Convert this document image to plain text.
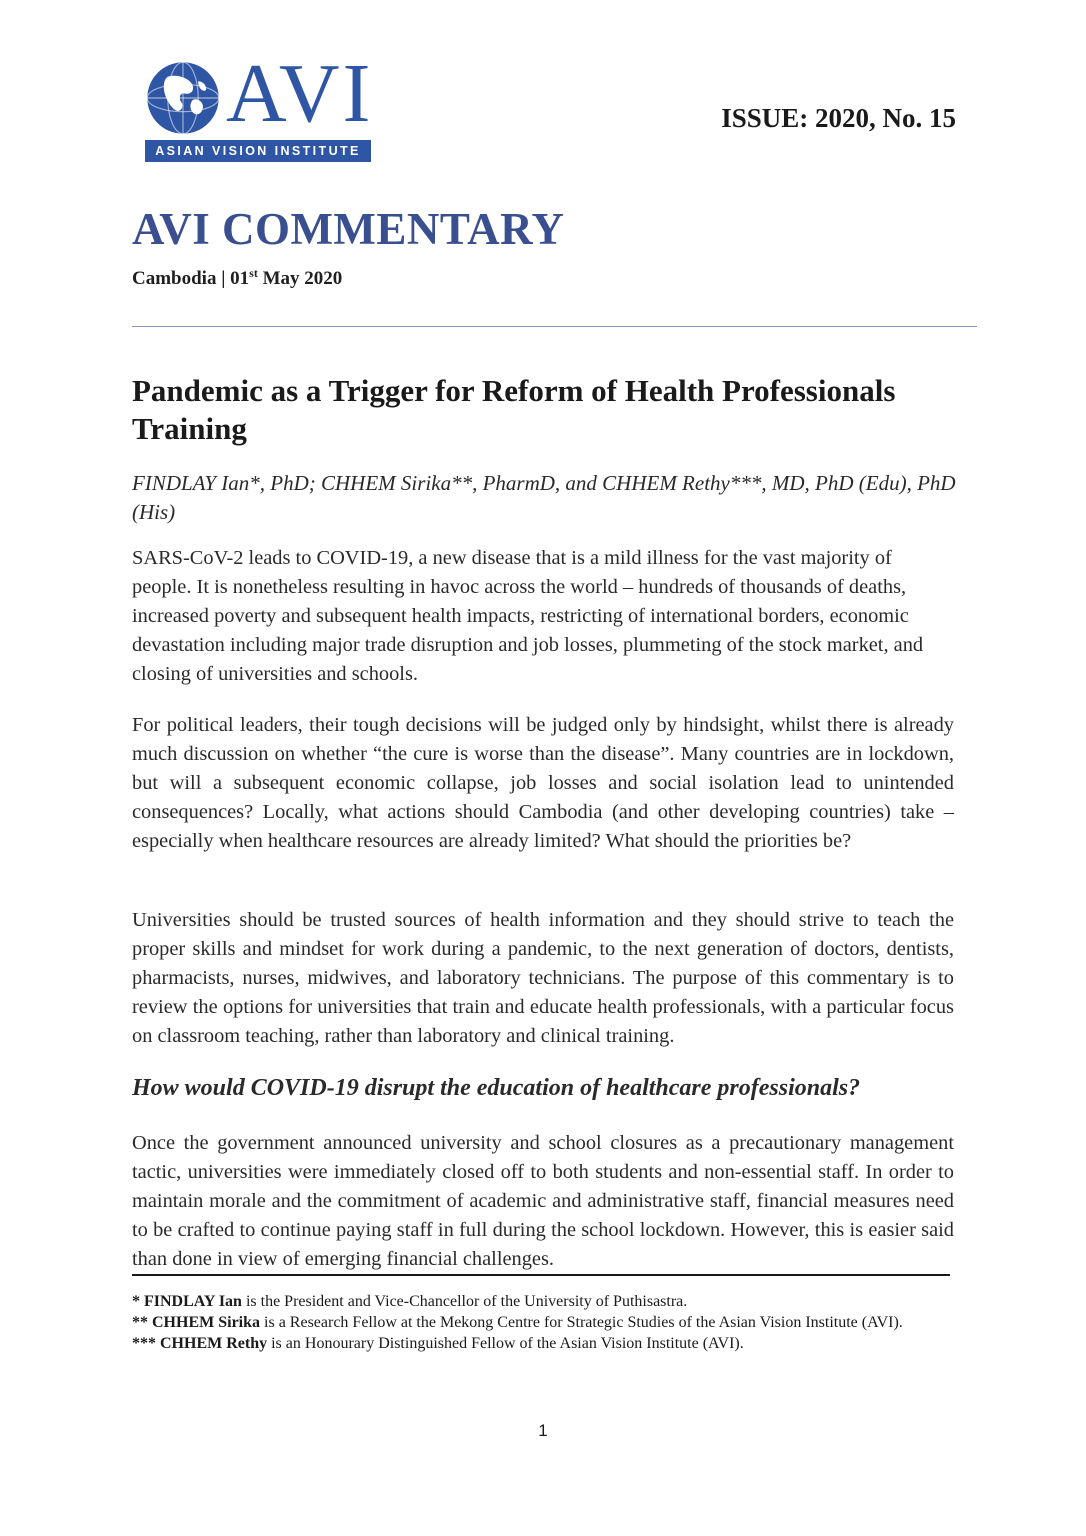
AVI
ASIAN VISION INSTITUTE
ISSUE: 2020, No. 15
AVI COMMENTARY
Cambodia | 01st May 2020
Pandemic as a Trigger for Reform of Health Professionals Training
FINDLAY Ian*, PhD; CHHEM Sirika**, PharmD, and CHHEM Rethy***, MD, PhD (Edu), PhD (His)

SARS-CoV-2 leads to COVID-19, a new disease that is a mild illness for the vast majority of people. It is nonetheless resulting in havoc across the world – hundreds of thousands of deaths, increased poverty and subsequent health impacts, restricting of international borders, economic devastation including major trade disruption and job losses, plummeting of the stock market, and closing of universities and schools.

For political leaders, their tough decisions will be judged only by hindsight, whilst there is already much discussion on whether “the cure is worse than the disease”. Many countries are in lockdown, but will a subsequent economic collapse, job losses and social isolation lead to unintended consequences? Locally, what actions should Cambodia (and other developing countries) take – especially when healthcare resources are already limited? What should the priorities be?

Universities should be trusted sources of health information and they should strive to teach the proper skills and mindset for work during a pandemic, to the next generation of doctors, dentists, pharmacists, nurses, midwives, and laboratory technicians. The purpose of this commentary is to review the options for universities that train and educate health professionals, with a particular focus on classroom teaching, rather than laboratory and clinical training.

How would COVID-19 disrupt the education of healthcare professionals?

Once the government announced university and school closures as a precautionary management tactic, universities were immediately closed off to both students and non-essential staff. In order to maintain morale and the commitment of academic and administrative staff, financial measures need to be crafted to continue paying staff in full during the school lockdown. However, this is easier said than done in view of emerging financial challenges.

* FINDLAY Ian is the President and Vice-Chancellor of the University of Puthisastra.

** CHHEM Sirika is a Research Fellow at the Mekong Centre for Strategic Studies of the Asian Vision Institute (AVI).

*** CHHEM Rethy is an Honourary Distinguished Fellow of the Asian Vision Institute (AVI).

1
